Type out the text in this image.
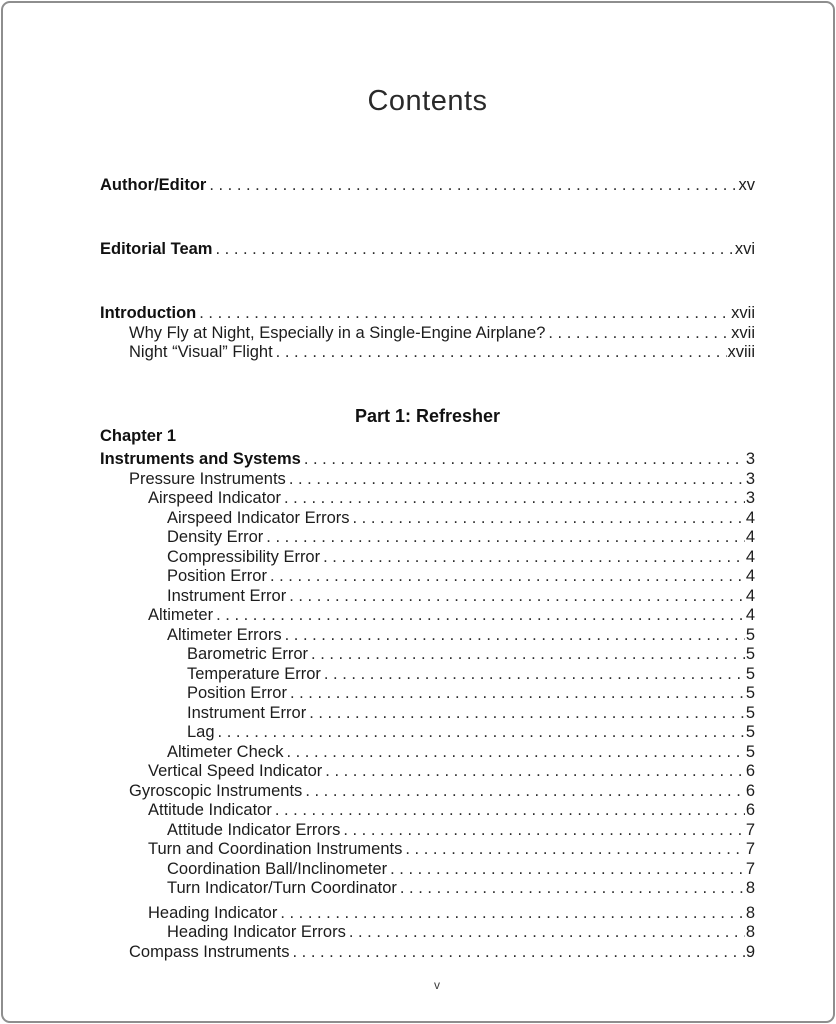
Contents
Author/Editor . . .	xv
Editorial Team . . .	xvi
Introduction . . .	xvii
Why Fly at Night, Especially in a Single-Engine Airplane? . . .	xvii
Night “Visual” Flight . . .	xviii
Part 1: Refresher
Chapter 1
Instruments and Systems . . .	3
Pressure Instruments . . .	3
Airspeed Indicator . . .	3
Airspeed Indicator Errors . . .	4
Density Error . . .	4
Compressibility Error . . .	4
Position Error . . .	4
Instrument Error . . .	4
Altimeter . . .	4
Altimeter Errors . . .	5
Barometric Error . . .	5
Temperature Error . . .	5
Position Error . . .	5
Instrument Error . . .	5
Lag . . .	5
Altimeter Check . . .	5
Vertical Speed Indicator . . .	6
Gyroscopic Instruments . . .	6
Attitude Indicator . . .	6
Attitude Indicator Errors . . .	7
Turn and Coordination Instruments . . .	7
Coordination Ball/Inclinometer . . .	7
Turn Indicator/Turn Coordinator . . .	8
Heading Indicator . . .	8
Heading Indicator Errors . . .	8
Compass Instruments . . .	9
v
